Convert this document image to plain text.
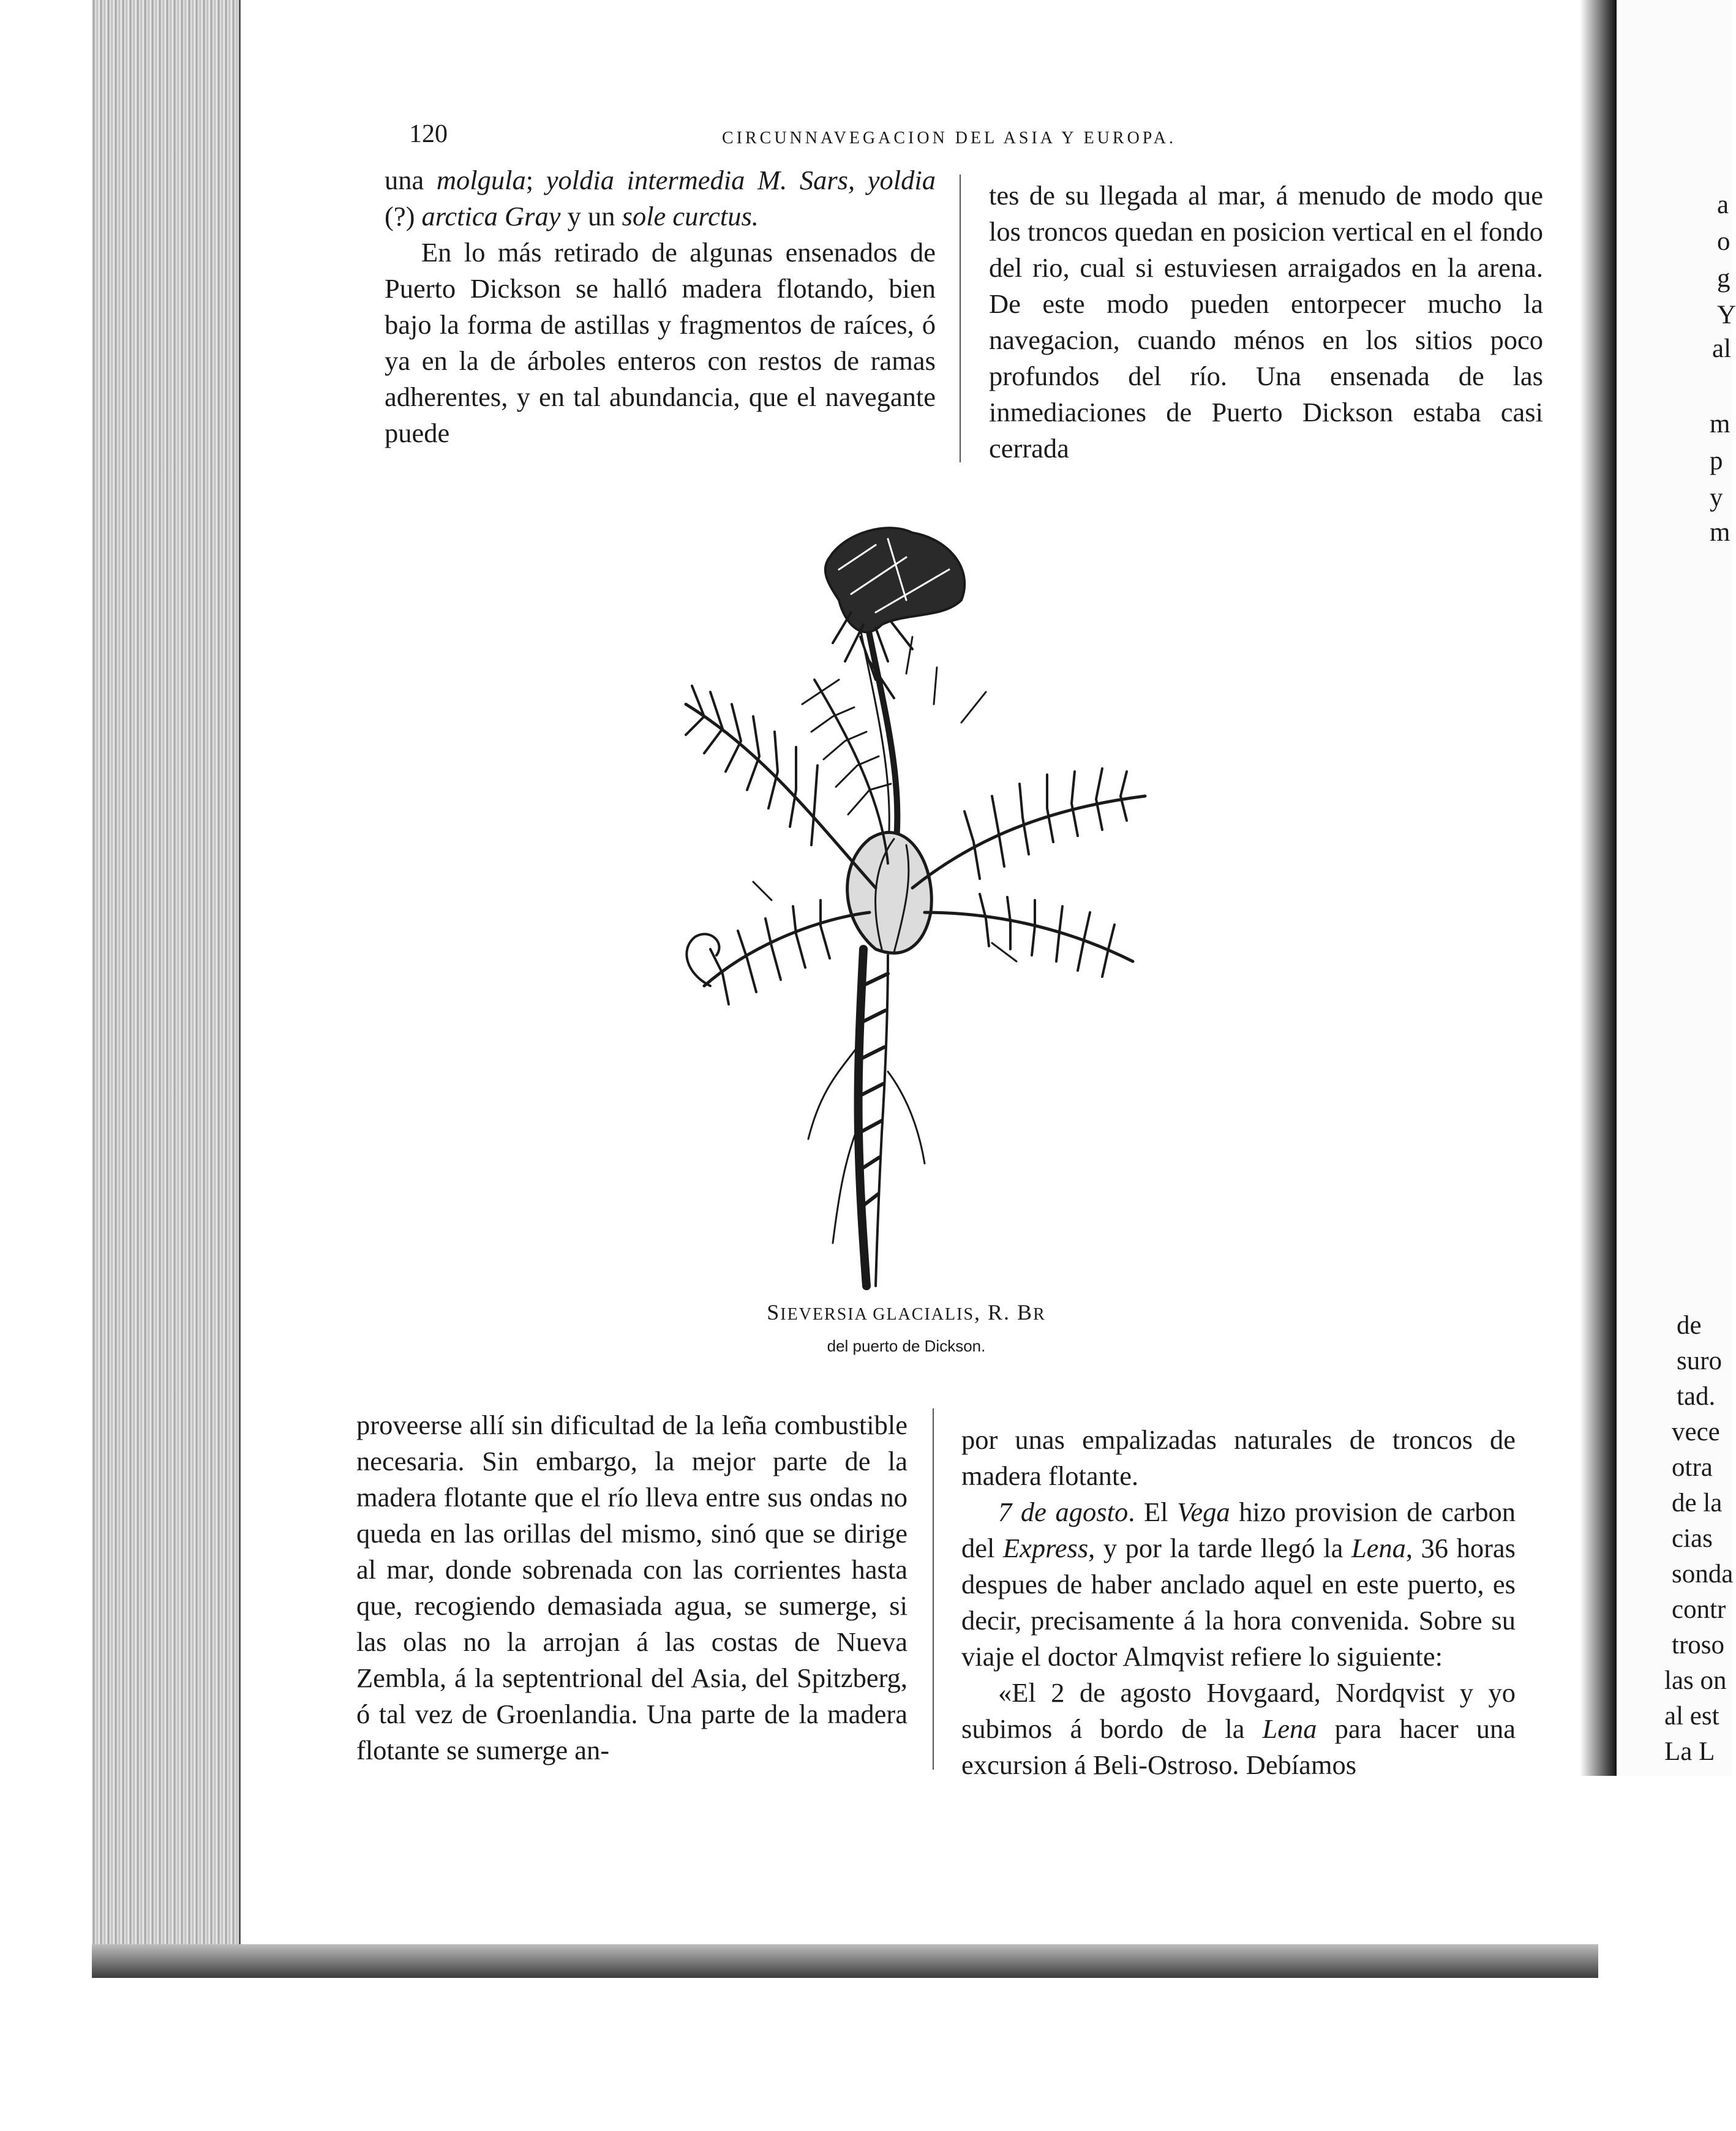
a
o
g
Y
al
m
p
y
m
de
suro
tad.
vece
otra
de la
cias
sonda
contr
troso
las on
al est
La L
120	CIRCUNNAVEGACION DEL ASIA Y EUROPA.

una molgula; yoldia intermedia M. Sars, yoldia (?) arctica Gray y un sole curctus.

En lo más retirado de algunas ensenados de Puerto Dickson se halló madera flotando, bien bajo la forma de astillas y fragmentos de raíces, ó ya en la de árboles enteros con restos de ramas adherentes, y en tal abundancia, que el navegante puede

tes de su llegada al mar, á menudo de modo que los troncos quedan en posicion vertical en el fondo del rio, cual si estuviesen arraigados en la arena. De este modo pueden entorpecer mucho la navegacion, cuando ménos en los sitios poco profundos del río. Una ensenada de las inmediaciones de Puerto Dickson estaba casi cerrada

SIEVERSIA GLACIALIS, R. BR
del puerto de Dickson.

proveerse allí sin dificultad de la leña combustible necesaria. Sin embargo, la mejor parte de la madera flotante que el río lleva entre sus ondas no queda en las orillas del mismo, sinó que se dirige al mar, donde sobrenada con las corrientes hasta que, recogiendo demasiada agua, se sumerge, si las olas no la arrojan á las costas de Nueva Zembla, á la septentrional del Asia, del Spitzberg, ó tal vez de Groenlandia. Una parte de la madera flotante se sumerge an-

por unas empalizadas naturales de troncos de madera flotante.

7 de agosto. El Vega hizo provision de carbon del Express, y por la tarde llegó la Lena, 36 horas despues de haber anclado aquel en este puerto, es decir, precisamente á la hora convenida. Sobre su viaje el doctor Almqvist refiere lo siguiente:

«El 2 de agosto Hovgaard, Nordqvist y yo subimos á bordo de la Lena para hacer una excursion á Beli-Ostroso. Debíamos
